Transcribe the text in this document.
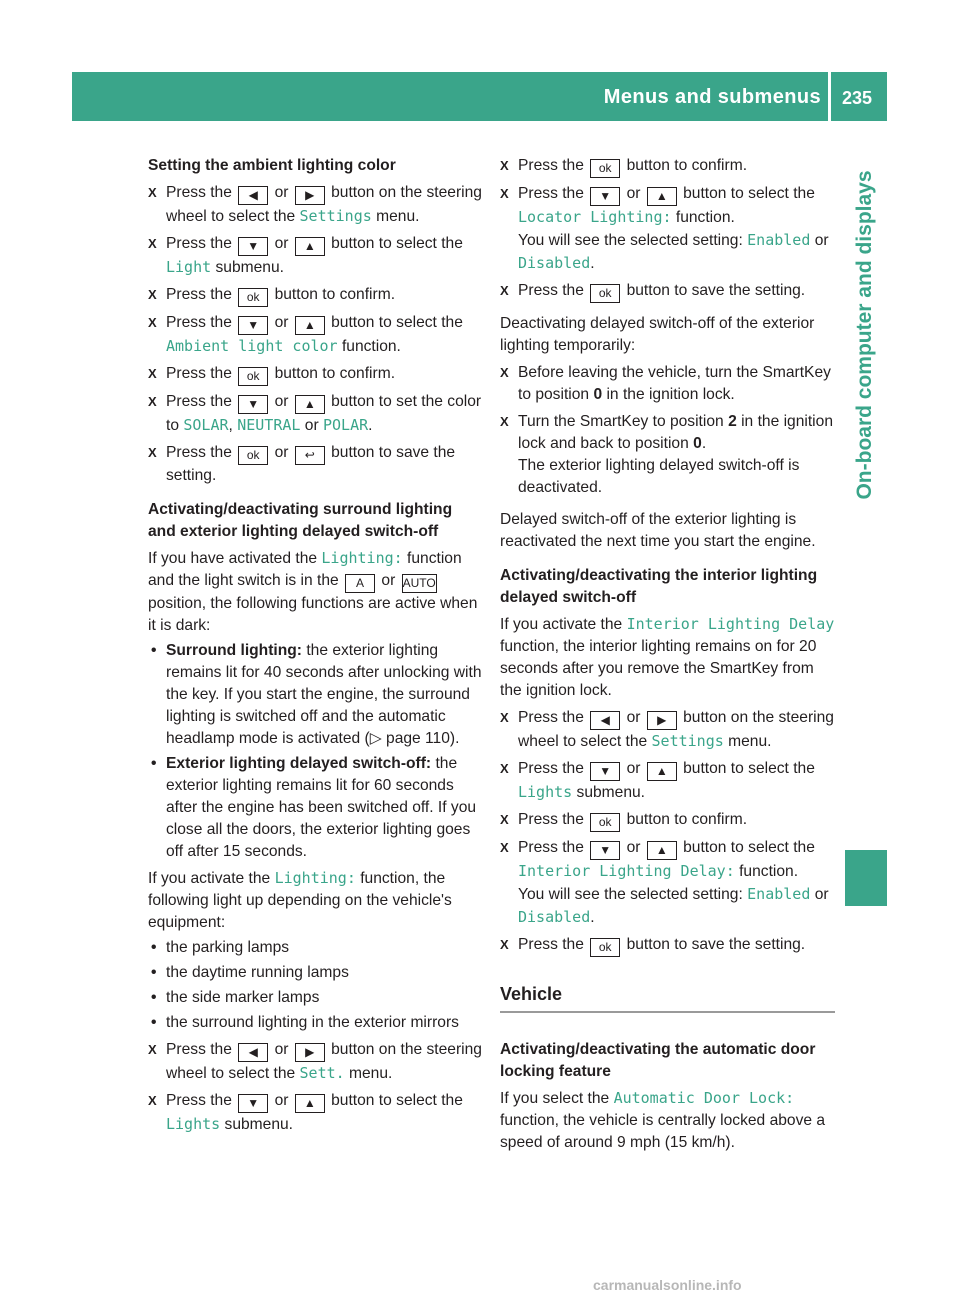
Menus and submenus 235
On-board computer and displays

Setting the ambient lighting color

X Press the ◀ or ▶ button on the steering wheel to select the Settings menu.

X Press the ▼ or ▲ button to select the Light submenu.

X Press the ok button to confirm.

X Press the ▼ or ▲ button to select the Ambient light color function.

X Press the ok button to confirm.

X Press the ▼ or ▲ button to set the color to SOLAR, NEUTRAL or POLAR.

X Press the ok or ↩ button to save the setting.

Activating/deactivating surround lighting and exterior lighting delayed switch-off

If you have activated the Lighting: function and the light switch is in the A or AUTO position, the following functions are active when it is dark:

• Surround lighting: the exterior lighting remains lit for 40 seconds after unlocking with the key. If you start the engine, the surround lighting is switched off and the automatic headlamp mode is activated (▷ page 110).

• Exterior lighting delayed switch-off: the exterior lighting remains lit for 60 seconds after the engine has been switched off. If you close all the doors, the exterior lighting goes off after 15 seconds.

If you activate the Lighting: function, the following light up depending on the vehicle's equipment:

• the parking lamps

• the daytime running lamps

• the side marker lamps

• the surround lighting in the exterior mirrors

X Press the ◀ or ▶ button on the steering wheel to select the Sett. menu.

X Press the ▼ or ▲ button to select the Lights submenu.

X Press the ok button to confirm.

X Press the ▼ or ▲ button to select the Locator Lighting: function.
You will see the selected setting: Enabled or Disabled.

X Press the ok button to save the setting.

Deactivating delayed switch-off of the exterior lighting temporarily:

X Before leaving the vehicle, turn the SmartKey to position 0 in the ignition lock.

X Turn the SmartKey to position 2 in the ignition lock and back to position 0.
The exterior lighting delayed switch-off is deactivated.

Delayed switch-off of the exterior lighting is reactivated the next time you start the engine.

Activating/deactivating the interior lighting delayed switch-off

If you activate the Interior Lighting Delay function, the interior lighting remains on for 20 seconds after you remove the SmartKey from the ignition lock.

X Press the ◀ or ▶ button on the steering wheel to select the Settings menu.

X Press the ▼ or ▲ button to select the Lights submenu.

X Press the ok button to confirm.

X Press the ▼ or ▲ button to select the Interior Lighting Delay: function.
You will see the selected setting: Enabled or Disabled.

X Press the ok button to save the setting.

Vehicle

Activating/deactivating the automatic door locking feature

If you select the Automatic Door Lock: function, the vehicle is centrally locked above a speed of around 9 mph (15 km/h).

carmanualsonline.info
